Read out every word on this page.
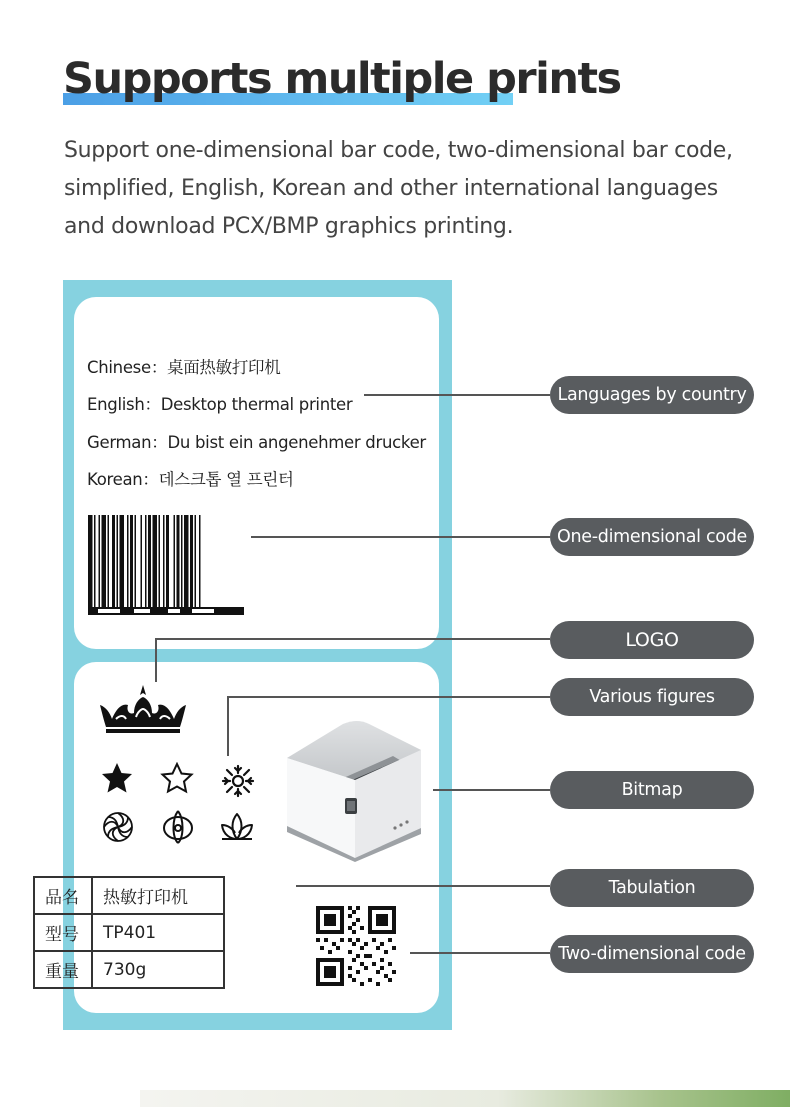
Supports multiple prints

Support one-dimensional bar code, two-dimensional bar code, simplified, English, Korean and other international languages and download PCX/BMP graphics printing.

Chinese：桌面热敏打印机
English：Desktop thermal printer
German：Du bist ein angenehmer drucker
Korean：데스크톱 열 프린터
品名	热敏打印机
型号	TP401
重量	730g
Languages by country
One-dimensional code
LOGO
Various figures
Bitmap
Tabulation
Two-dimensional code
